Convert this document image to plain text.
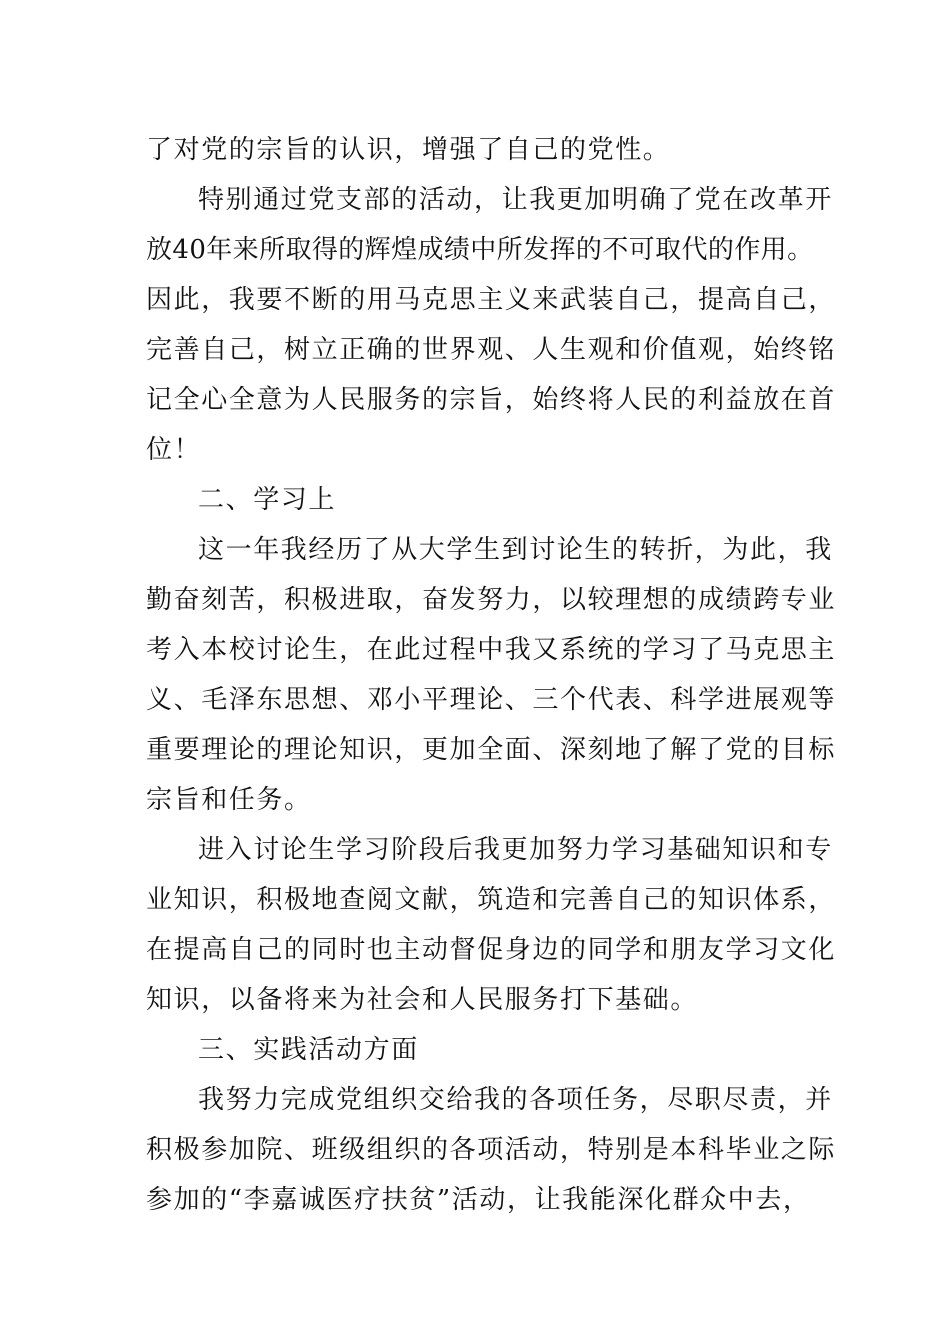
了对党的宗旨的认识，增强了自己的党性。
特别通过党支部的活动，让我更加明确了党在改革开
放40年来所取得的辉煌成绩中所发挥的不可取代的作用。
因此，我要不断的用马克思主义来武装自己，提高自己，
完善自己，树立正确的世界观、人生观和价值观，始终铭
记全心全意为人民服务的宗旨，始终将人民的利益放在首
位！
二、学习上
这一年我经历了从大学生到讨论生的转折，为此，我
勤奋刻苦，积极进取，奋发努力，以较理想的成绩跨专业
考入本校讨论生，在此过程中我又系统的学习了马克思主
义、毛泽东思想、邓小平理论、三个代表、科学进展观等
重要理论的理论知识，更加全面、深刻地了解了党的目标
宗旨和任务。
进入讨论生学习阶段后我更加努力学习基础知识和专
业知识，积极地查阅文献，筑造和完善自己的知识体系，
在提高自己的同时也主动督促身边的同学和朋友学习文化
知识，以备将来为社会和人民服务打下基础。
三、实践活动方面
我努力完成党组织交给我的各项任务，尽职尽责，并
积极参加院、班级组织的各项活动，特别是本科毕业之际
参加的“李嘉诚医疗扶贫”活动，让我能深化群众中去，
